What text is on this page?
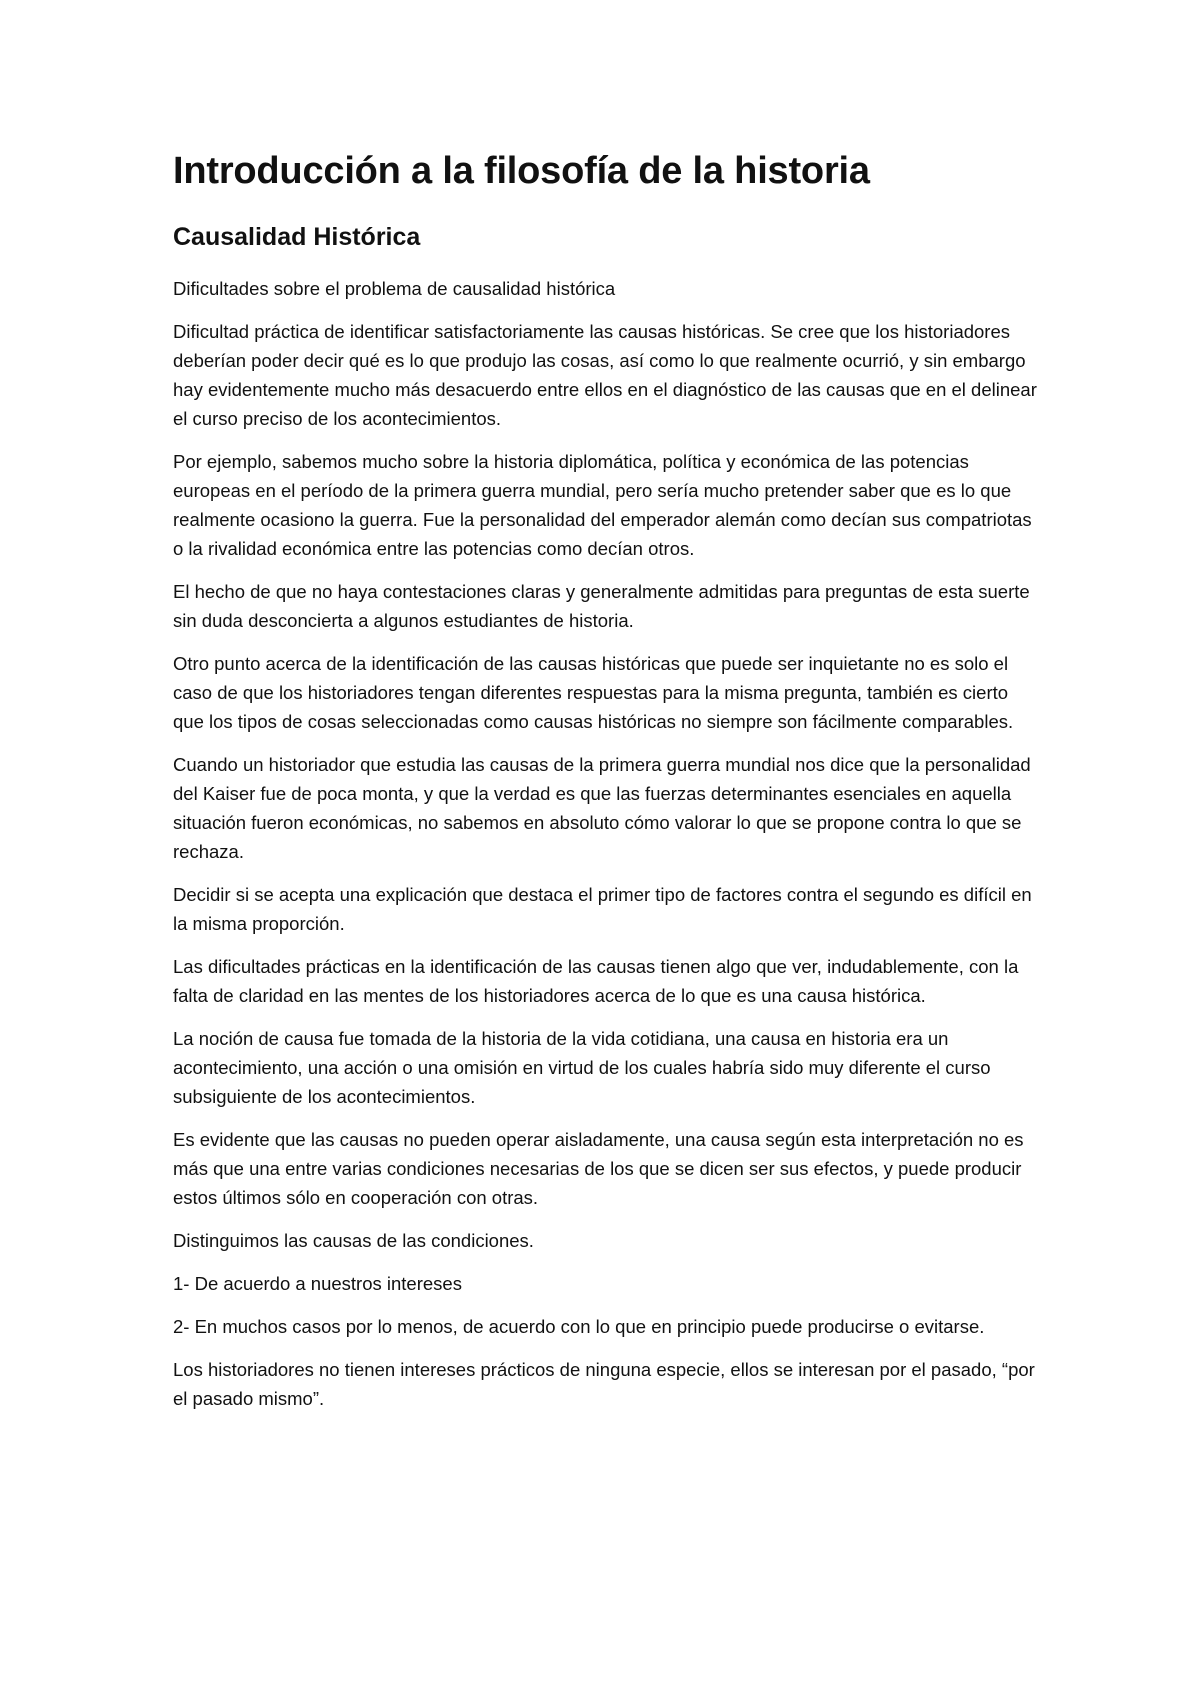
Introducción a la filosofía de la historia
Causalidad Histórica

Dificultades sobre el problema de causalidad histórica

Dificultad práctica de identificar satisfactoriamente las causas históricas. Se cree que los historiadores deberían poder decir qué es lo que produjo las cosas, así como lo que realmente ocurrió, y sin embargo hay evidentemente mucho más desacuerdo entre ellos en el diagnóstico de las causas que en el delinear el curso preciso de los acontecimientos.

Por ejemplo, sabemos mucho sobre la historia diplomática, política y económica de las potencias europeas en el período de la primera guerra mundial, pero sería mucho pretender saber que es lo que realmente ocasiono la guerra. Fue la personalidad del emperador alemán como decían sus compatriotas o la rivalidad económica entre las potencias como decían otros.

El hecho de que no haya contestaciones claras y generalmente admitidas para preguntas de esta suerte sin duda desconcierta a algunos estudiantes de historia.

Otro punto acerca de la identificación de las causas históricas que puede ser inquietante no es solo el caso de que los historiadores tengan diferentes respuestas para la misma pregunta, también es cierto que los tipos de cosas seleccionadas como causas históricas no siempre son fácilmente comparables.

Cuando un historiador que estudia las causas de la primera guerra mundial nos dice que la personalidad del Kaiser fue de poca monta, y que la verdad es que las fuerzas determinantes esenciales en aquella situación fueron económicas, no sabemos en absoluto cómo valorar lo que se propone contra lo que se rechaza.

Decidir si se acepta una explicación que destaca el primer tipo de factores contra el segundo es difícil en la misma proporción.

Las dificultades prácticas en la identificación de las causas tienen algo que ver, indudablemente, con la falta de claridad en las mentes de los historiadores acerca de lo que es una causa histórica.

La noción de causa fue tomada de la historia de la vida cotidiana, una causa en historia era un acontecimiento, una acción o una omisión en virtud de los cuales habría sido muy diferente el curso subsiguiente de los acontecimientos.

Es evidente que las causas no pueden operar aisladamente, una causa según esta interpretación no es más que una entre varias condiciones necesarias de los que se dicen ser sus efectos, y puede producir estos últimos sólo en cooperación con otras.

Distinguimos las causas de las condiciones.

1- De acuerdo a nuestros intereses

2- En muchos casos por lo menos, de acuerdo con lo que en principio puede producirse o evitarse.

Los historiadores no tienen intereses prácticos de ninguna especie, ellos se interesan por el pasado, “por el pasado mismo”.
